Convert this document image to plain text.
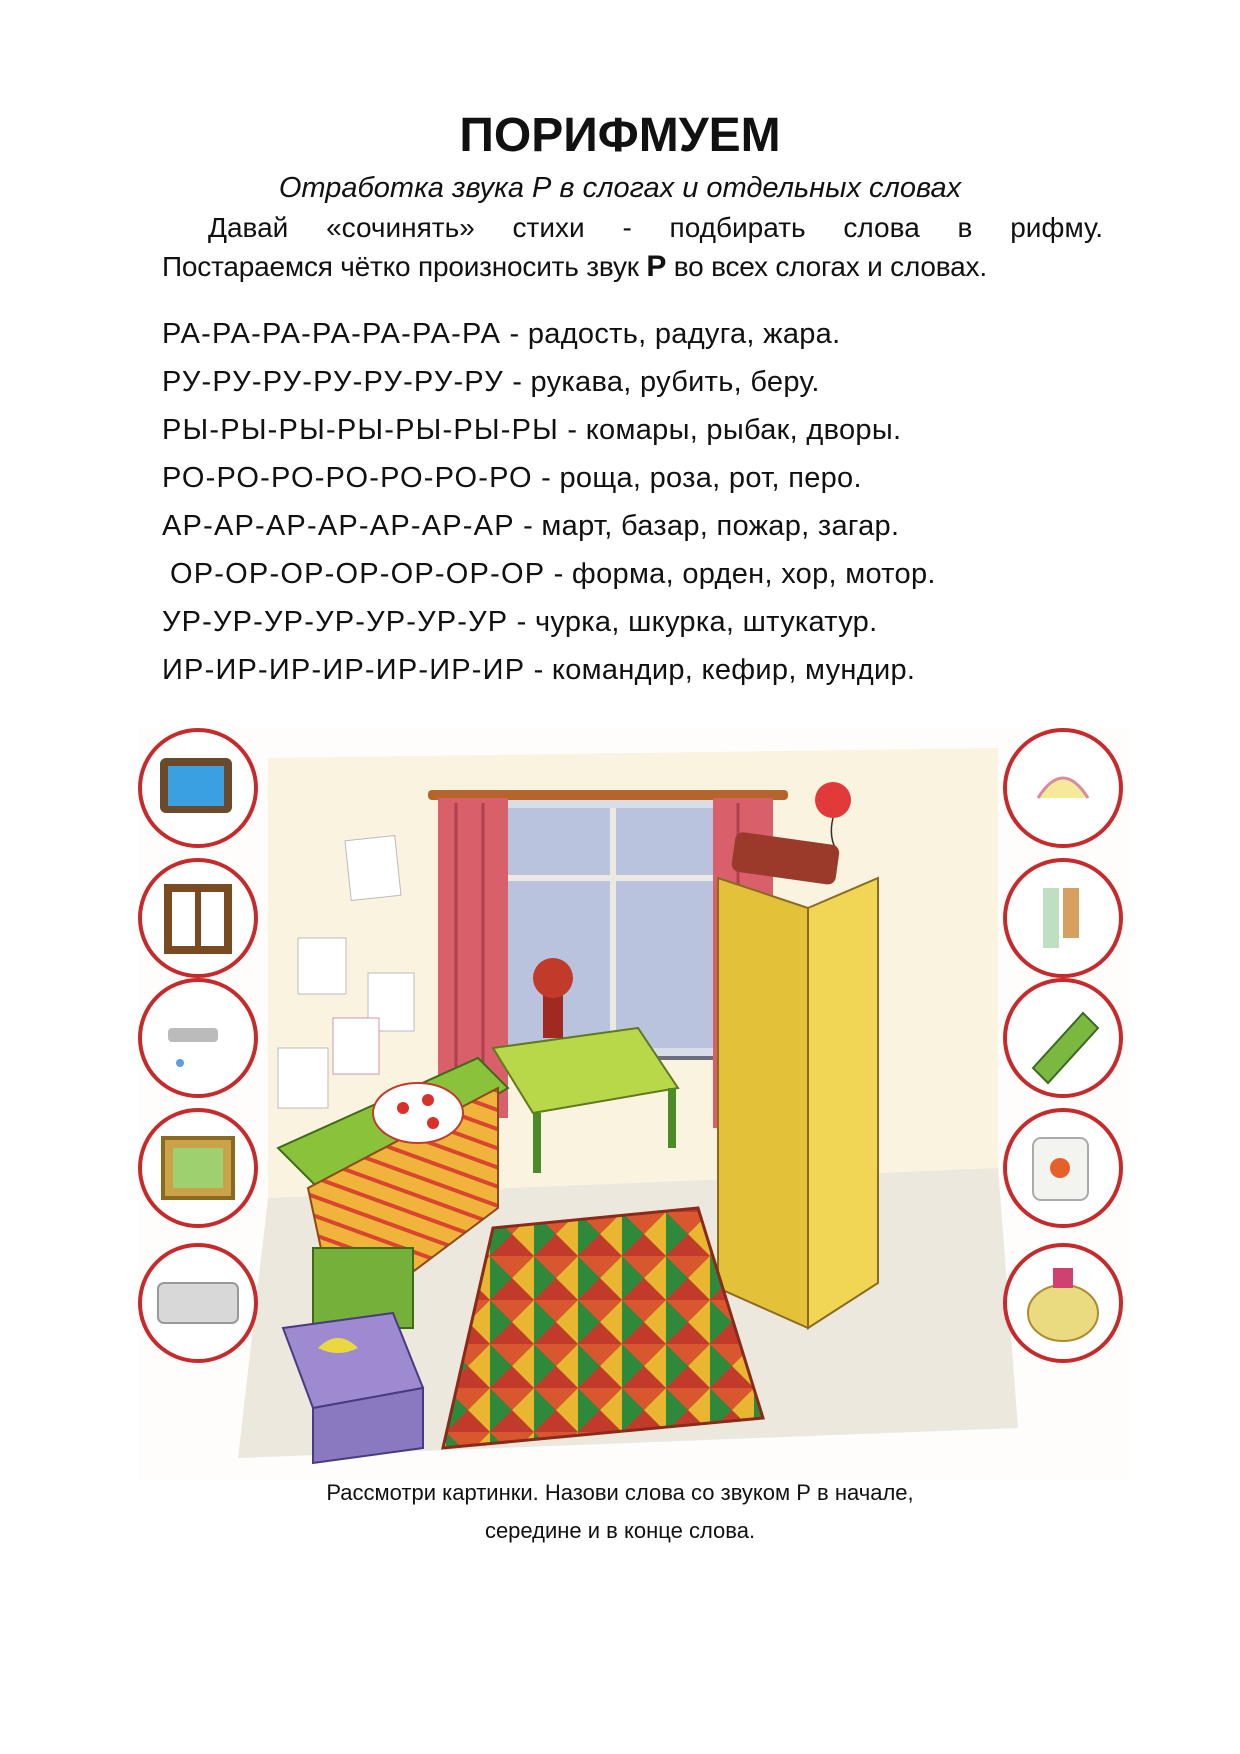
ПОРИФМУЕМ
Отработка звука Р в слогах и отдельных словах
Давай «сочинять» стихи - подбирать слова в рифму.
Постараемся чётко произносить звук Р во всех слогах и словах.
РА-РА-РА-РА-РА-РА-РА - радость, радуга, жара.
РУ-РУ-РУ-РУ-РУ-РУ-РУ - рукава, рубить, беру.
РЫ-РЫ-РЫ-РЫ-РЫ-РЫ-РЫ - комары, рыбак, дворы.
РО-РО-РО-РО-РО-РО-РО - роща, роза, рот, перо.
АР-АР-АР-АР-АР-АР-АР - март, базар, пожар, загар.
ОР-ОР-ОР-ОР-ОР-ОР-ОР - форма, орден, хор, мотор.
УР-УР-УР-УР-УР-УР-УР - чурка, шкурка, штукатур.
ИР-ИР-ИР-ИР-ИР-ИР-ИР - командир, кефир, мундир.
Рассмотри картинки. Назови слова со звуком Р в начале,
середине и в конце слова.
